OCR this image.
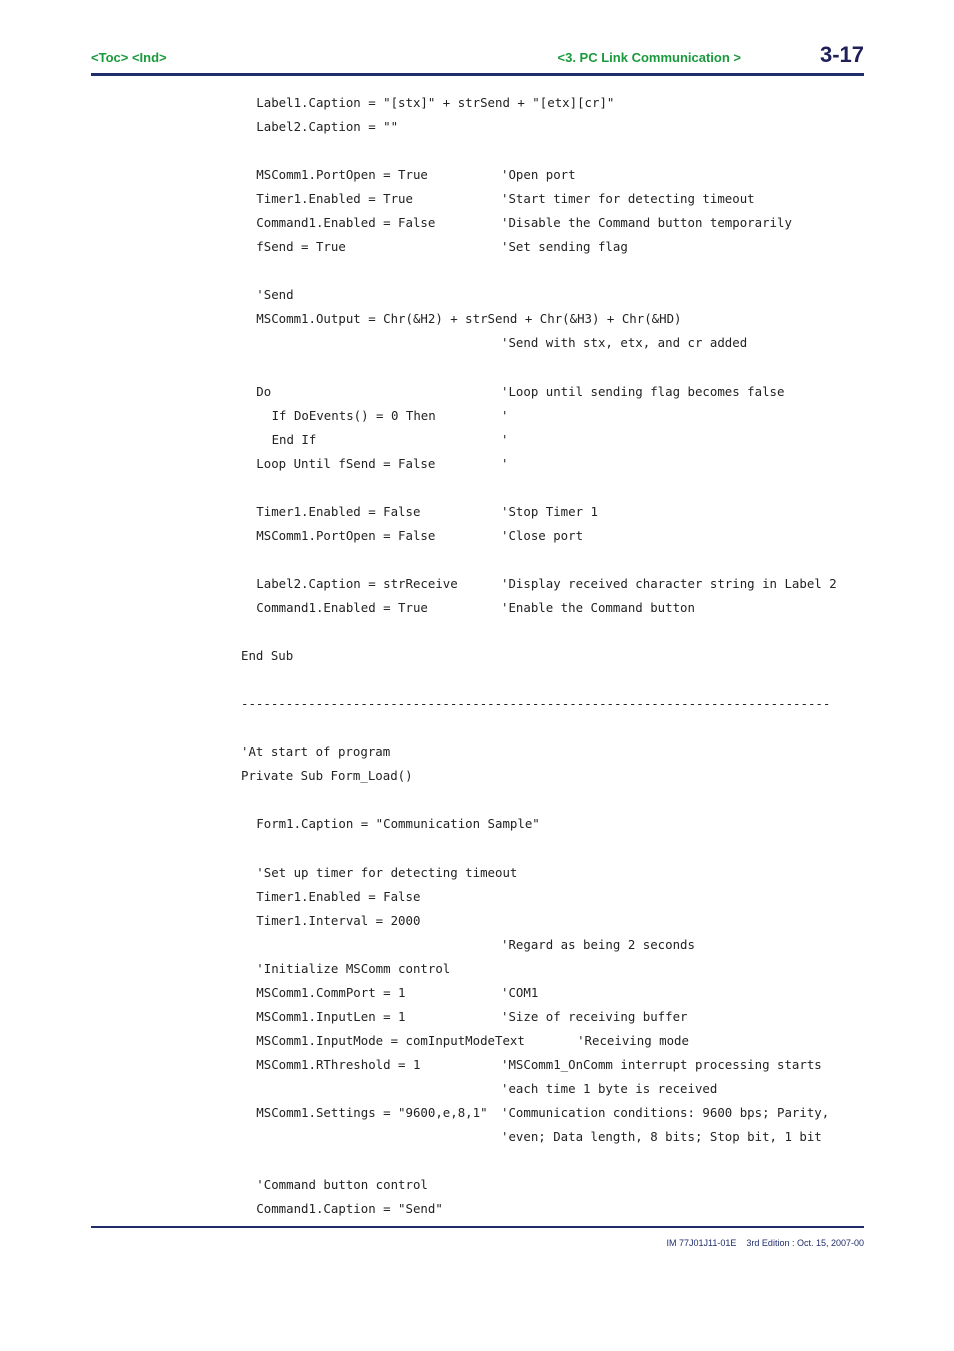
<Toc> <Ind>	<3. PC Link Communication >	3-17
Label1.Caption = "[stx]" + strSend + "[etx][cr]"
Label2.Caption = ""
MSComm1.PortOpen = True	'Open port
Timer1.Enabled = True	'Start timer for detecting timeout
Command1.Enabled = False	'Disable the Command button temporarily
fSend = True	'Set sending flag
'Send
MSComm1.Output = Chr(&H2) + strSend + Chr(&H3) + Chr(&HD)
'Send with stx, etx, and cr added
Do	'Loop until sending flag becomes false
If DoEvents() = 0 Then	'
End If	'
Loop Until fSend = False	'
Timer1.Enabled = False	'Stop Timer 1
MSComm1.PortOpen = False	'Close port
Label2.Caption = strReceive	'Display received character string in Label 2
Command1.Enabled = True	'Enable the Command button
End Sub
-------------------------------------------------------------------------------
'At start of program
Private Sub Form_Load()
Form1.Caption = "Communication Sample"
'Set up timer for detecting timeout
Timer1.Enabled = False
Timer1.Interval = 2000
'Regard as being 2 seconds
'Initialize MSComm control
MSComm1.CommPort = 1	'COM1
MSComm1.InputLen = 1	'Size of receiving buffer
MSComm1.InputMode = comInputModeText       'Receiving mode
MSComm1.RThreshold = 1	'MSComm1_OnComm interrupt processing starts
'each time 1 byte is received
MSComm1.Settings = "9600,e,8,1" 'Communication conditions: 9600 bps; Parity,
'even; Data length, 8 bits; Stop bit, 1 bit
'Command button control
Command1.Caption = "Send"
IM 77J01J11-01E 3rd Edition : Oct. 15, 2007-00
